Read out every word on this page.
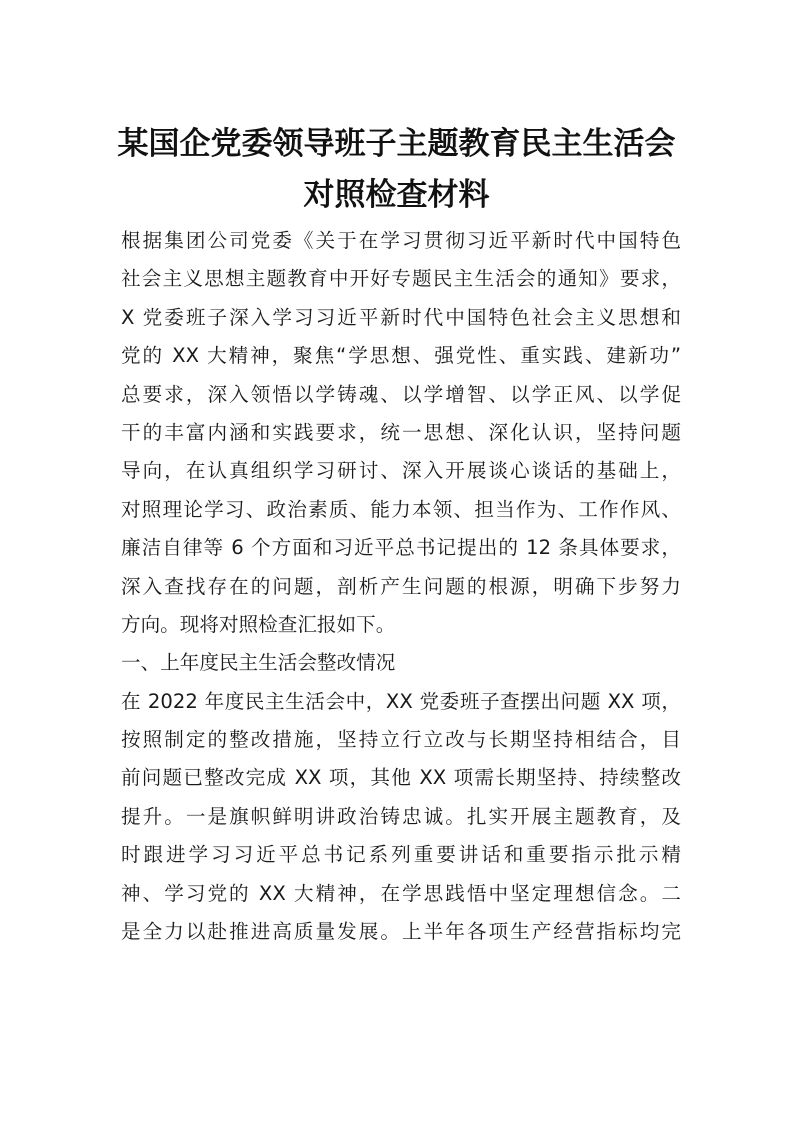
某国企党委领导班子主题教育民主生活会
对照检查材料
根据集团公司党委《关于在学习贯彻习近平新时代中国特色
社会主义思想主题教育中开好专题民主生活会的通知》要求，
X 党委班子深入学习习近平新时代中国特色社会主义思想和
党的 XX 大精神，聚焦“学思想、强党性、重实践、建新功”
总要求，深入领悟以学铸魂、以学增智、以学正风、以学促
干的丰富内涵和实践要求，统一思想、深化认识，坚持问题
导向，在认真组织学习研讨、深入开展谈心谈话的基础上，
对照理论学习、政治素质、能力本领、担当作为、工作作风、
廉洁自律等 6 个方面和习近平总书记提出的 12 条具体要求，
深入查找存在的问题，剖析产生问题的根源，明确下步努力
方向。现将对照检查汇报如下。
一、上年度民主生活会整改情况
在 2022 年度民主生活会中，XX 党委班子查摆出问题 XX 项，
按照制定的整改措施，坚持立行立改与长期坚持相结合，目
前问题已整改完成 XX 项，其他 XX 项需长期坚持、持续整改
提升。一是旗帜鲜明讲政治铸忠诚。扎实开展主题教育，及
时跟进学习习近平总书记系列重要讲话和重要指示批示精
神、学习党的 XX 大精神，在学思践悟中坚定理想信念。二
是全力以赴推进高质量发展。上半年各项生产经营指标均完
